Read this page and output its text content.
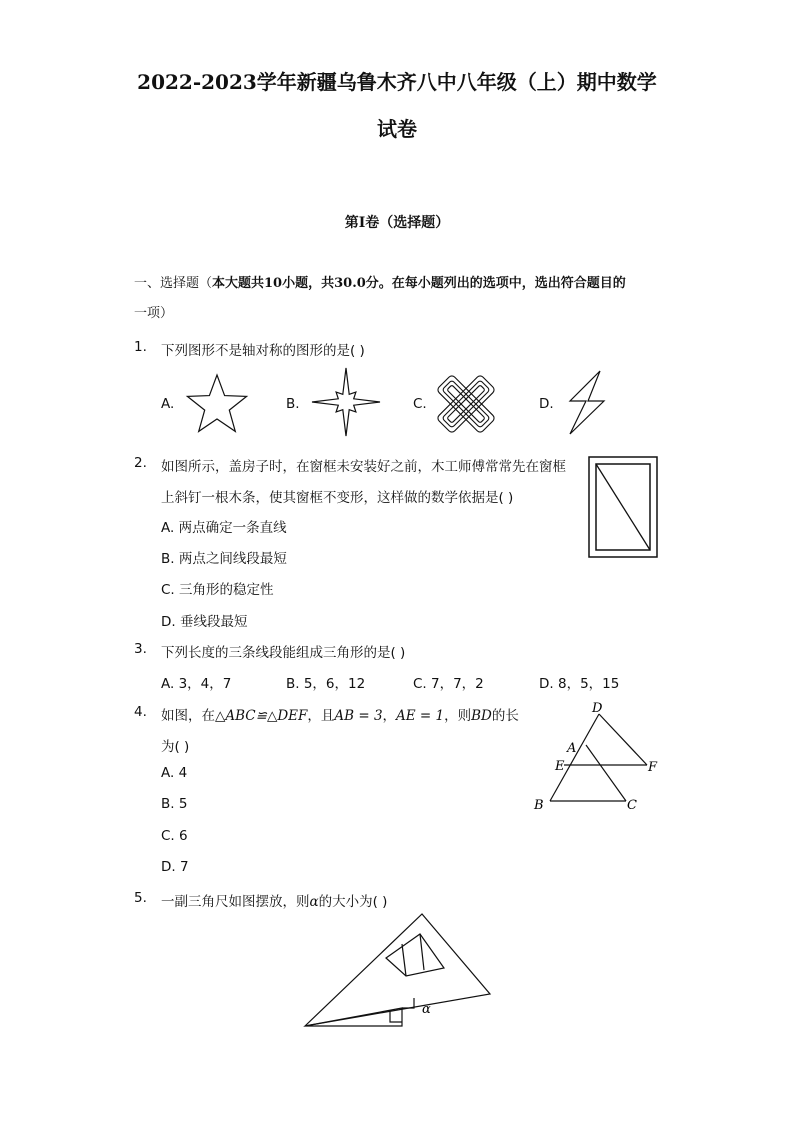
2022-2023学年新疆乌鲁木齐八中八年级（上）期中数学
试卷
第I卷（选择题）
一、选择题（本大题共10小题，共30.0分。在每小题列出的选项中，选出符合题目的
一项）
1. 下列图形不是轴对称的图形的是( )
A.	B.	C.	D.
2. 如图所示，盖房子时，在窗框未安装好之前，木工师傅常常先在窗框
上斜钉一根木条，使其窗框不变形，这样做的数学依据是( )
A. 两点确定一条直线
B. 两点之间线段最短
C. 三角形的稳定性
D. 垂线段最短
3. 下列长度的三条线段能组成三角形的是( )
A. 3，4，7	B. 5，6，12	C. 7，7，2	D. 8，5，15
4. 如图，在△ABC≌△DEF，且AB = 3，AE = 1，则BD的长
为( )
A. 4
B. 5
C. 6
D. 7
D
A
E	F
B	C
5. 一副三角尺如图摆放，则α的大小为( )
α
